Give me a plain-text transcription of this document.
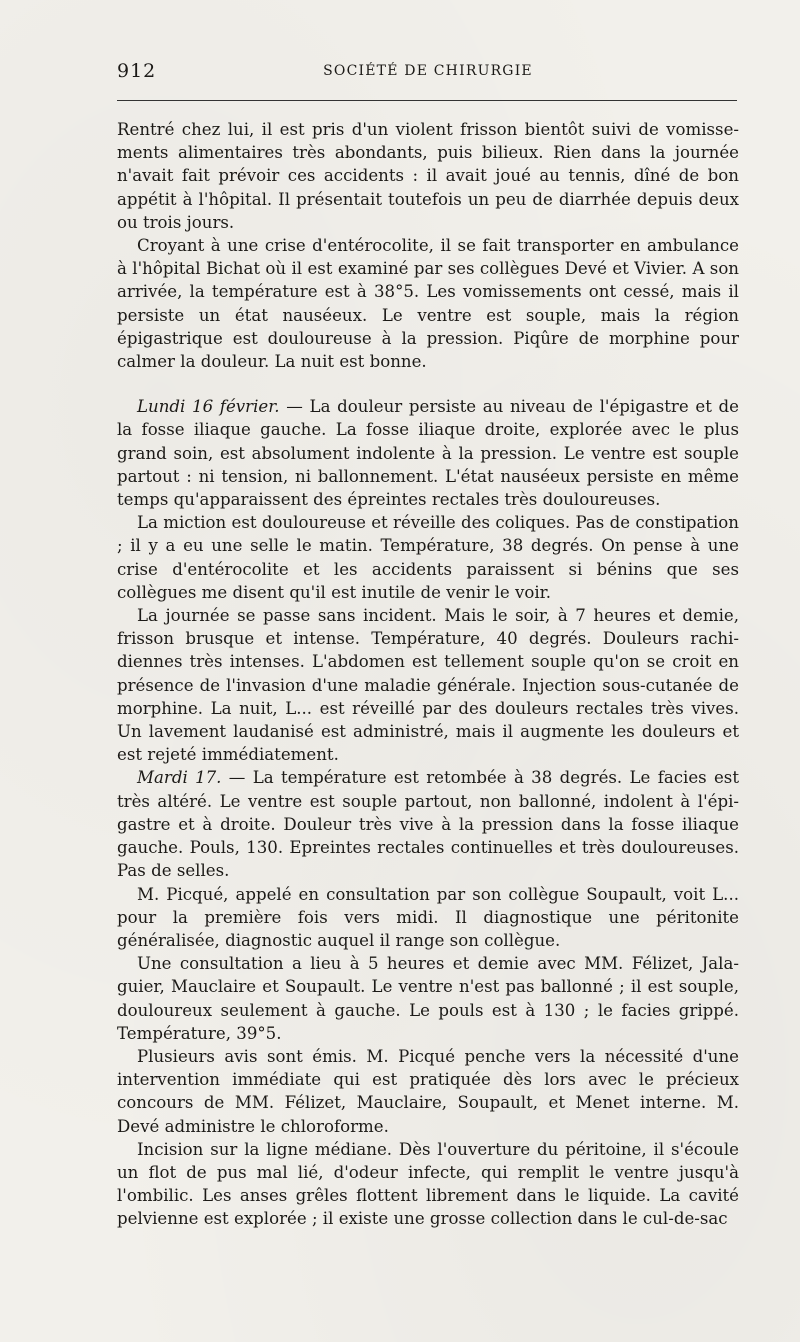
912	SOCIÉTÉ DE CHIRURGIE

Rentré chez lui, il est pris d'un violent frisson bientôt suivi de vomissements alimentaires très abondants, puis bilieux. Rien dans la journée n'avait fait prévoir ces accidents : il avait joué au tennis, dîné de bon appétit à l'hôpital. Il présentait toutefois un peu de diarrhée depuis deux ou trois jours.

Croyant à une crise d'entérocolite, il se fait transporter en ambulance à l'hôpital Bichat où il est examiné par ses collègues Devé et Vivier. A son arrivée, la température est à 38°5. Les vomissements ont cessé, mais il persiste un état nauséeux. Le ventre est souple, mais la région épigastrique est douloureuse à la pression. Piqûre de morphine pour calmer la douleur. La nuit est bonne.

Lundi 16 février. — La douleur persiste au niveau de l'épigastre et de la fosse iliaque gauche. La fosse iliaque droite, explorée avec le plus grand soin, est absolument indolente à la pression. Le ventre est souple partout : ni tension, ni ballonnement. L'état nauséeux persiste en même temps qu'apparaissent des épreintes rectales très douloureuses.

La miction est douloureuse et réveille des coliques. Pas de constipation ; il y a eu une selle le matin. Température, 38 degrés. On pense à une crise d'entérocolite et les accidents paraissent si bénins que ses collègues me disent qu'il est inutile de venir le voir.

La journée se passe sans incident. Mais le soir, à 7 heures et demie, frisson brusque et intense. Température, 40 degrés. Douleurs rachidiennes très intenses. L'abdomen est tellement souple qu'on se croit en présence de l'invasion d'une maladie générale. Injection sous-cutanée de morphine. La nuit, L... est réveillé par des douleurs rectales très vives. Un lavement laudanisé est administré, mais il augmente les douleurs et est rejeté immédiatement.

Mardi 17. — La température est retombée à 38 degrés. Le facies est très altéré. Le ventre est souple partout, non ballonné, indolent à l'épigastre et à droite. Douleur très vive à la pression dans la fosse iliaque gauche. Pouls, 130. Epreintes rectales continuelles et très douloureuses. Pas de selles.

M. Picqué, appelé en consultation par son collègue Soupault, voit L... pour la première fois vers midi. Il diagnostique une péritonite généralisée, diagnostic auquel il range son collègue.

Une consultation a lieu à 5 heures et demie avec MM. Félizet, Jalaguier, Mauclaire et Soupault. Le ventre n'est pas ballonné ; il est souple, douloureux seulement à gauche. Le pouls est à 130 ; le facies grippé. Température, 39°5.

Plusieurs avis sont émis. M. Picqué penche vers la nécessité d'une intervention immédiate qui est pratiquée dès lors avec le précieux concours de MM. Félizet, Mauclaire, Soupault, et Menet interne. M. Devé administre le chloroforme.

Incision sur la ligne médiane. Dès l'ouverture du péritoine, il s'écoule un flot de pus mal lié, d'odeur infecte, qui remplit le ventre jusqu'à l'ombilic. Les anses grêles flottent librement dans le liquide. La cavité pelvienne est explorée ; il existe une grosse collection dans le cul-de-sac
